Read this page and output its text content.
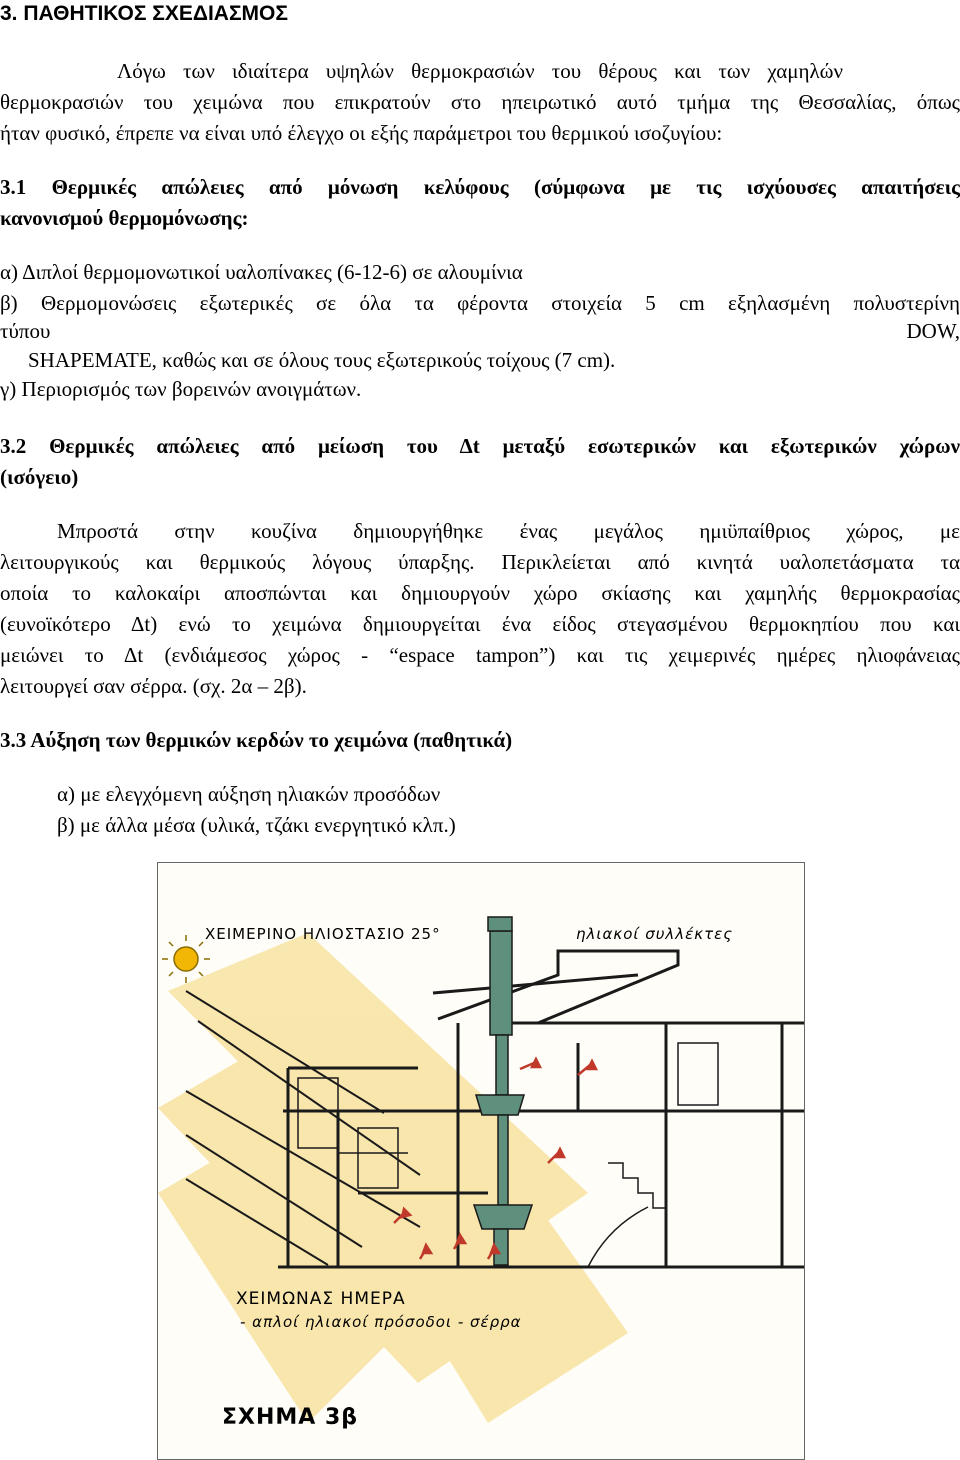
3. ΠΑΘΗΤΙΚΟΣ ΣΧΕΔΙΑΣΜΟΣ
Λόγω των ιδιαίτερα υψηλών θερμοκρασιών του θέρους και των χαμηλών
θερμοκρασιών του χειμώνα που επικρατούν στο ηπειρωτικό αυτό τμήμα της Θεσσαλίας, όπως
ήταν φυσικό, έπρεπε να είναι υπό έλεγχο οι εξής παράμετροι του θερμικού ισοζυγίου:
3.1 Θερμικές απώλειες από μόνωση κελύφους (σύμφωνα με τις ισχύουσες απαιτήσεις
κανονισμού θερμομόνωσης:
α) Διπλοί θερμομονωτικοί υαλοπίνακες (6-12-6) σε αλουμίνια
β) Θερμομονώσεις εξωτερικές σε όλα τα φέροντα στοιχεία 5 cm εξηλασμένη πολυστερίνη
τύπου	DOW,
SHAPEMATE, καθώς και σε όλους τους εξωτερικούς τοίχους (7 cm).
γ) Περιορισμός των βορεινών ανοιγμάτων.
3.2 Θερμικές απώλειες από μείωση του Δt μεταξύ εσωτερικών και εξωτερικών χώρων
(ισόγειο)
Μπροστά στην κουζίνα δημιουργήθηκε ένας μεγάλος ημιϋπαίθριος χώρος, με
λειτουργικούς και θερμικούς λόγους ύπαρξης. Περικλείεται από κινητά υαλοπετάσματα τα
οποία το καλοκαίρι αποσπώνται και δημιουργούν χώρο σκίασης και χαμηλής θερμοκρασίας
(ευνοϊκότερο Δt) ενώ το χειμώνα δημιουργείται ένα είδος στεγασμένου θερμοκηπίου που και
μειώνει το Δt (ενδιάμεσος χώρος - “espace tampon”) και τις χειμερινές ημέρες ηλιοφάνειας
λειτουργεί σαν σέρρα. (σχ. 2α – 2β).
3.3 Αύξηση των θερμικών κερδών το χειμώνα (παθητικά)
α) με ελεγχόμενη αύξηση ηλιακών προσόδων
β) με άλλα μέσα (υλικά, τζάκι ενεργητικό κλπ.)
ΧΕΙΜΕΡΙΝΟ ΗΛΙΟΣΤΑΣΙΟ 25°	ηλιακοί συλλέκτες
ΧΕΙΜΩΝΑΣ ΗΜΕΡΑ
- απλοί ηλιακοί πρόσοδοι - σέρρα
ΣΧΗΜΑ 3β
